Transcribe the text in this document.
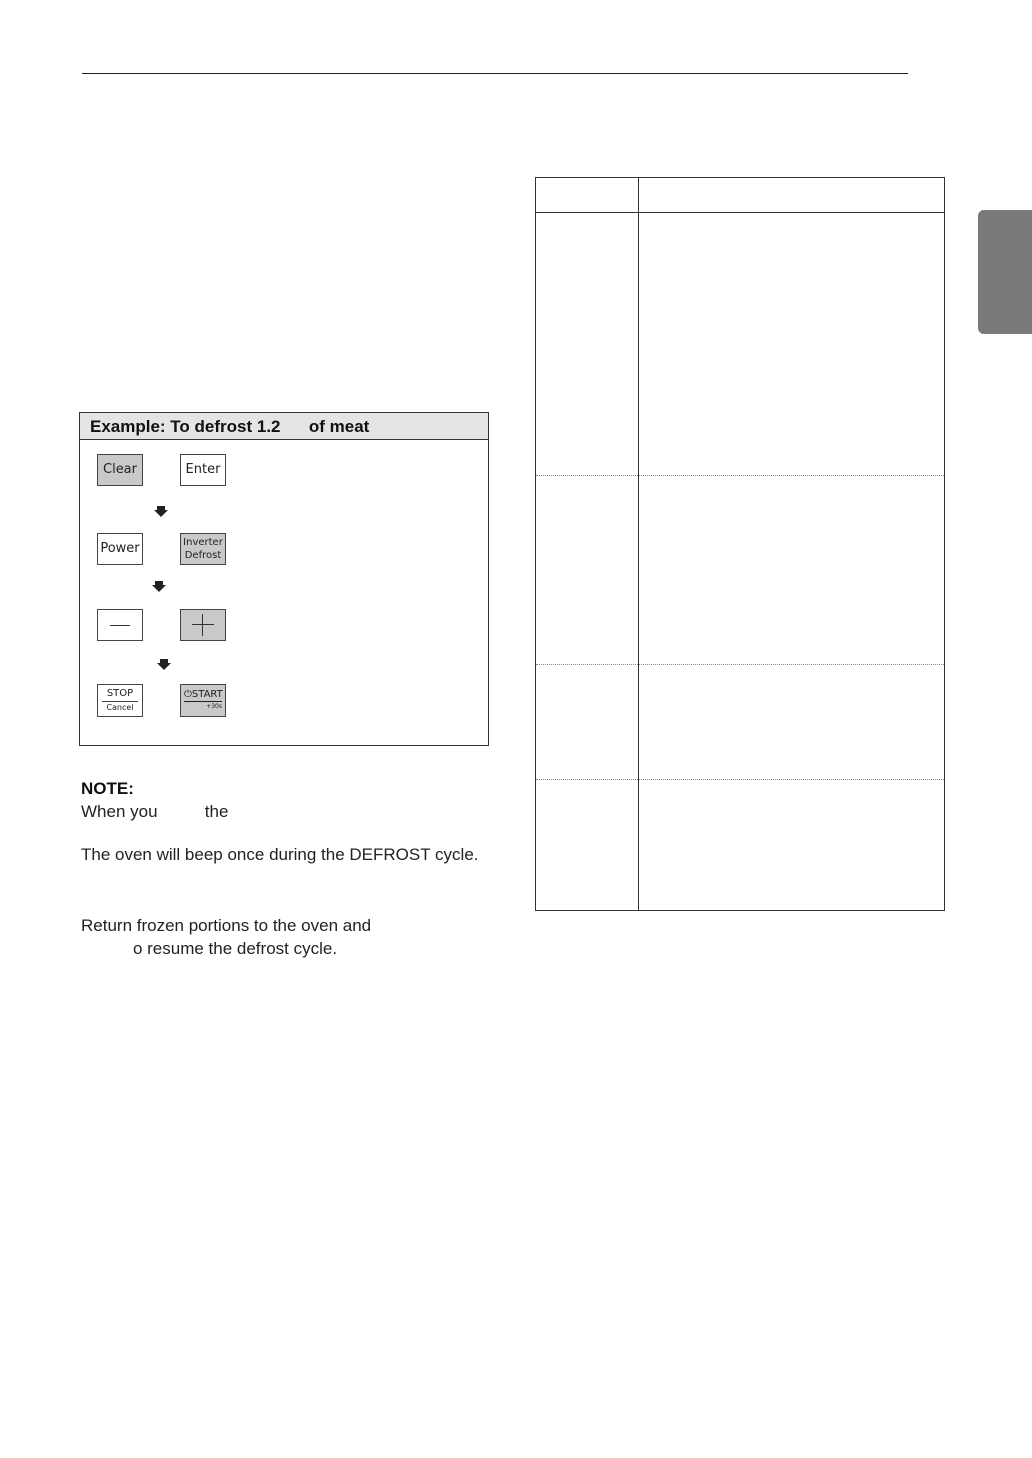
Example: To defrost 1.2      of meat
Clear	Enter
Power	Inverter
Defrost
STOP
Cancel
⏻START
+30s
NOTE:
When you          the
The oven will beep once during the DEFROST cycle.
Return frozen portions to the oven and
o resume the defrost cycle.
